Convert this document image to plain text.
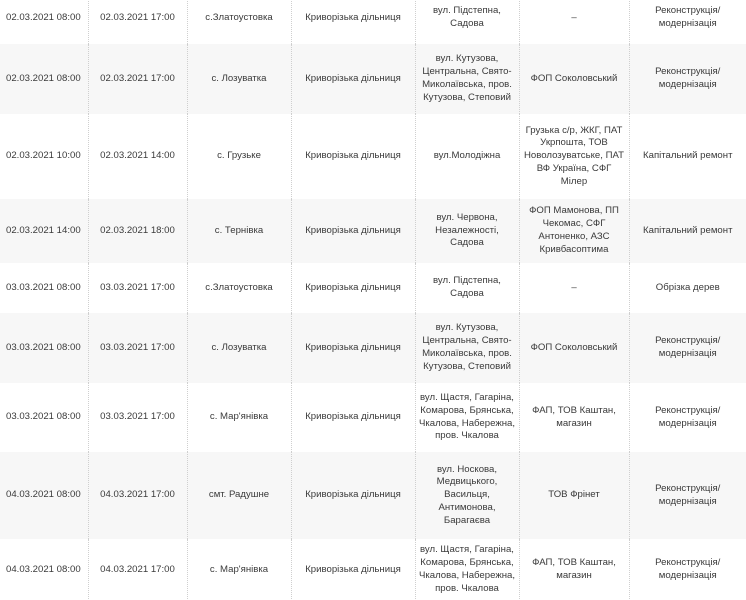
02.03.2021 08:00	02.03.2021 17:00	с.Златоустовка	Криворізька дільниця	вул. Підстепна,
Садова	–	Реконструкція/
модернізація
02.03.2021 08:00	02.03.2021 17:00	с. Лозуватка	Криворізька дільниця	вул. Кутузова,
Центральна, Свято-
Миколаївська, пров.
Кутузова, Степовий	ФОП Соколовський	Реконструкція/
модернізація
02.03.2021 10:00	02.03.2021 14:00	с. Грузьке	Криворізька дільниця	вул.Молодіжна	Грузька с/р, ЖКГ, ПАТ
Укрпошта, ТОВ
Новолозуватське, ПАТ
ВФ Україна, СФГ
Мілер	Капітальний ремонт
02.03.2021 14:00	02.03.2021 18:00	с. Тернівка	Криворізька дільниця	вул. Червона,
Незалежності, Садова	ФОП Мамонова, ПП
Чекомас, СФГ
Антоненко, АЗС
Кривбасоптима	Капітальний ремонт
03.03.2021 08:00	03.03.2021 17:00	с.Златоустовка	Криворізька дільниця	вул. Підстепна,
Садова	–	Обрізка дерев
03.03.2021 08:00	03.03.2021 17:00	с. Лозуватка	Криворізька дільниця	вул. Кутузова,
Центральна, Свято-
Миколаївська, пров.
Кутузова, Степовий	ФОП Соколовський	Реконструкція/
модернізація
03.03.2021 08:00	03.03.2021 17:00	с. Мар'янівка	Криворізька дільниця	вул. Щастя, Гагаріна,
Комарова, Брянська,
Чкалова, Набережна,
пров. Чкалова	ФАП, ТОВ Каштан,
магазин	Реконструкція/
модернізація
04.03.2021 08:00	04.03.2021 17:00	смт. Радушне	Криворізька дільниця	вул. Носкова,
Медвицького,
Васильця,
Антимонова,
Барагаєва	ТОВ Фрінет	Реконструкція/
модернізація
04.03.2021 08:00	04.03.2021 17:00	с. Мар'янівка	Криворізька дільниця	вул. Щастя, Гагаріна,
Комарова, Брянська,
Чкалова, Набережна,
пров. Чкалова	ФАП, ТОВ Каштан,
магазин	Реконструкція/
модернізація
